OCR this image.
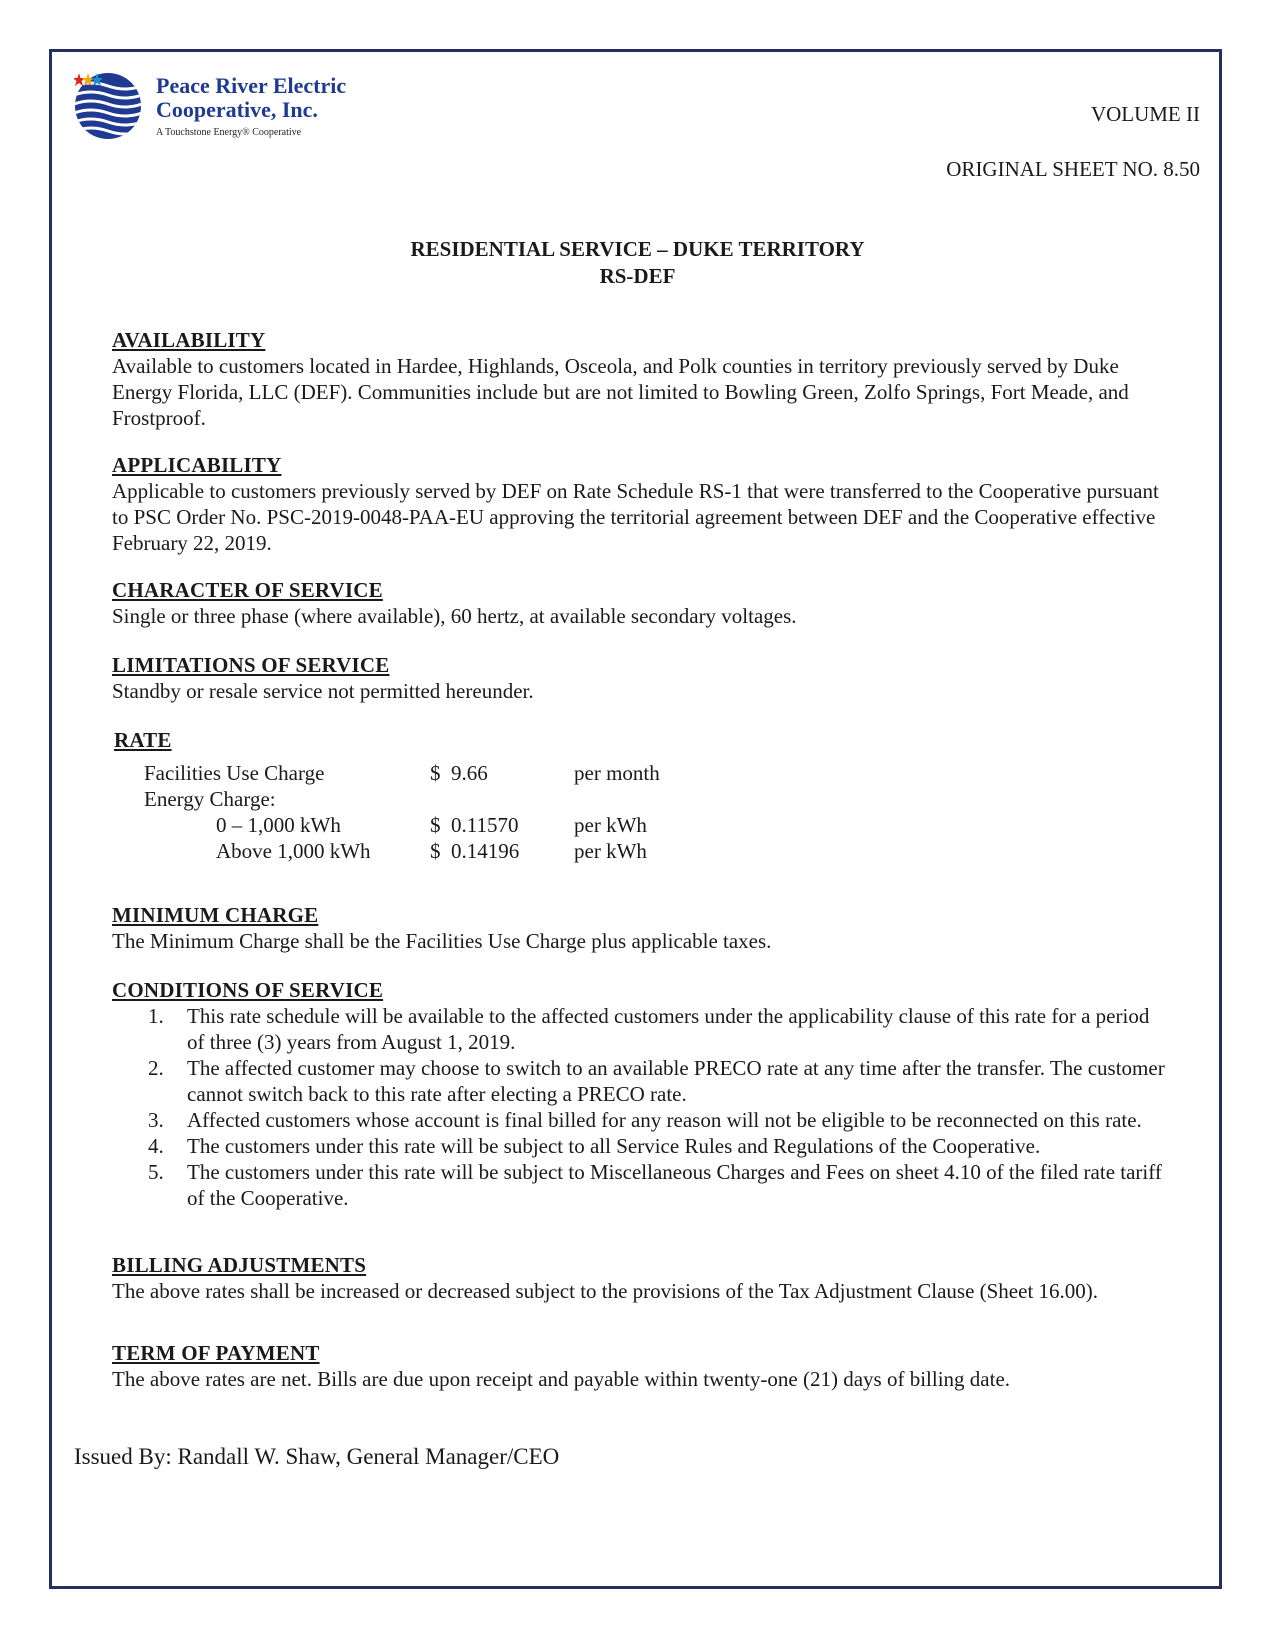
Peace River Electric
Cooperative, Inc.
A Touchstone Energy® Cooperative
VOLUME II
ORIGINAL SHEET NO. 8.50
RESIDENTIAL SERVICE – DUKE TERRITORY
RS-DEF
AVAILABILITY
Available to customers located in Hardee, Highlands, Osceola, and Polk counties in territory previously served by Duke Energy Florida, LLC (DEF). Communities include but are not limited to Bowling Green, Zolfo Springs, Fort Meade, and Frostproof.
APPLICABILITY
Applicable to customers previously served by DEF on Rate Schedule RS-1 that were transferred to the Cooperative pursuant to PSC Order No. PSC-2019-0048-PAA-EU approving the territorial agreement between DEF and the Cooperative effective February 22, 2019.
CHARACTER OF SERVICE
Single or three phase (where available), 60 hertz, at available secondary voltages.
LIMITATIONS OF SERVICE
Standby or resale service not permitted hereunder.
RATE
Facilities Use Charge	$  9.66	per month
Energy Charge:
0 – 1,000 kWh	$  0.11570	per kWh
Above 1,000 kWh	$  0.14196	per kWh
MINIMUM CHARGE
The Minimum Charge shall be the Facilities Use Charge plus applicable taxes.
CONDITIONS OF SERVICE
1. This rate schedule will be available to the affected customers under the applicability clause of this rate for a period of three (3) years from August 1, 2019.
2. The affected customer may choose to switch to an available PRECO rate at any time after the transfer. The customer cannot switch back to this rate after electing a PRECO rate.
3. Affected customers whose account is final billed for any reason will not be eligible to be reconnected on this rate.
4. The customers under this rate will be subject to all Service Rules and Regulations of the Cooperative.
5. The customers under this rate will be subject to Miscellaneous Charges and Fees on sheet 4.10 of the filed rate tariff of the Cooperative.
BILLING ADJUSTMENTS
The above rates shall be increased or decreased subject to the provisions of the Tax Adjustment Clause (Sheet 16.00).
TERM OF PAYMENT
The above rates are net. Bills are due upon receipt and payable within twenty-one (21) days of billing date.
Issued By: Randall W. Shaw, General Manager/CEO
